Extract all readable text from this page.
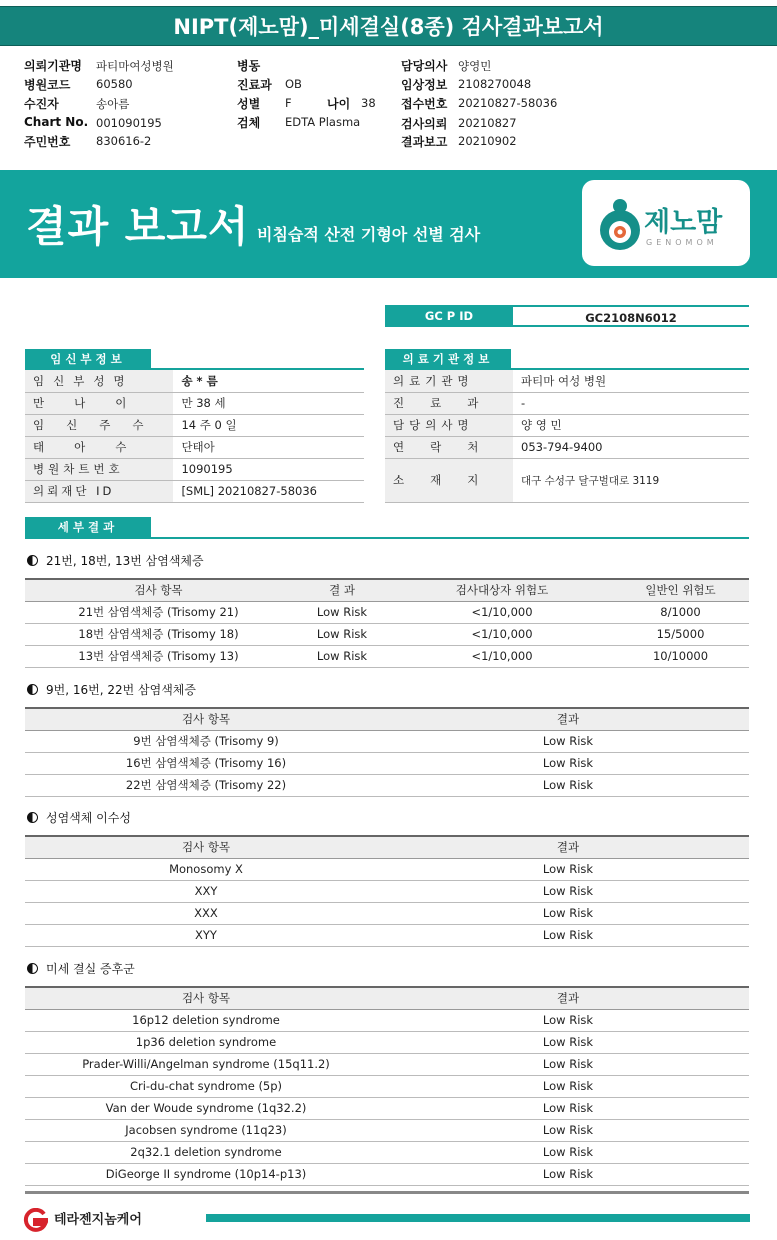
NIPT(제노맘)_미세결실(8종) 검사결과보고서
의뢰기관명 파티마여성병원
병원코드 60580
수진자	송아름
Chart No. 001090195
주민번호 830616-2
병동
진료과 OB
성별 F	나이 38
검체 EDTA Plasma
담당의사 양영민
임상정보 2108270048
접수번호 20210827-58036
검사의뢰 20210827
결과보고 20210902
결과 보고서 비침습적 산전 기형아 선별 검사	제노맘
GENOMOM
GC P ID	GC2108N6012
임신부정보
임신부성명	송 * 름
만나이	만 38 세
임신주수	14 주 0 일
태아수	단태아
병원차트번호	1090195
의뢰재단 ID	[SML] 20210827-58036
의료기관정보
의료기관명	파티마 여성 병원
진료과	-
담당의사명	양 영 민
연락처	053-794-9400
소재지	대구 수성구 달구벌대로 3119
세부결과
21번, 18번, 13번 삼염색체증
검사 항목	결 과	검사대상자 위험도	일반인 위험도
21번 삼염색체증 (Trisomy 21)	Low Risk	<1/10,000	8/1000
18번 삼염색체증 (Trisomy 18)	Low Risk	<1/10,000	15/5000
13번 삼염색체증 (Trisomy 13)	Low Risk	<1/10,000	10/10000
9번, 16번, 22번 삼염색체증
검사 항목	결과
9번 삼염색체증 (Trisomy 9)	Low Risk
16번 삼염색체증 (Trisomy 16)	Low Risk
22번 삼염색체증 (Trisomy 22)	Low Risk
성염색체 이수성
검사 항목	결과
Monosomy X	Low Risk
XXY	Low Risk
XXX	Low Risk
XYY	Low Risk
미세 결실 증후군
검사 항목	결과
16p12 deletion syndrome	Low Risk
1p36 deletion syndrome	Low Risk
Prader-Willi/Angelman syndrome (15q11.2)	Low Risk
Cri-du-chat syndrome (5p)	Low Risk
Van der Woude syndrome (1q32.2)	Low Risk
Jacobsen syndrome (11q23)	Low Risk
2q32.1 deletion syndrome	Low Risk
DiGeorge II syndrome (10p14-p13)	Low Risk
테라젠지놈케어
